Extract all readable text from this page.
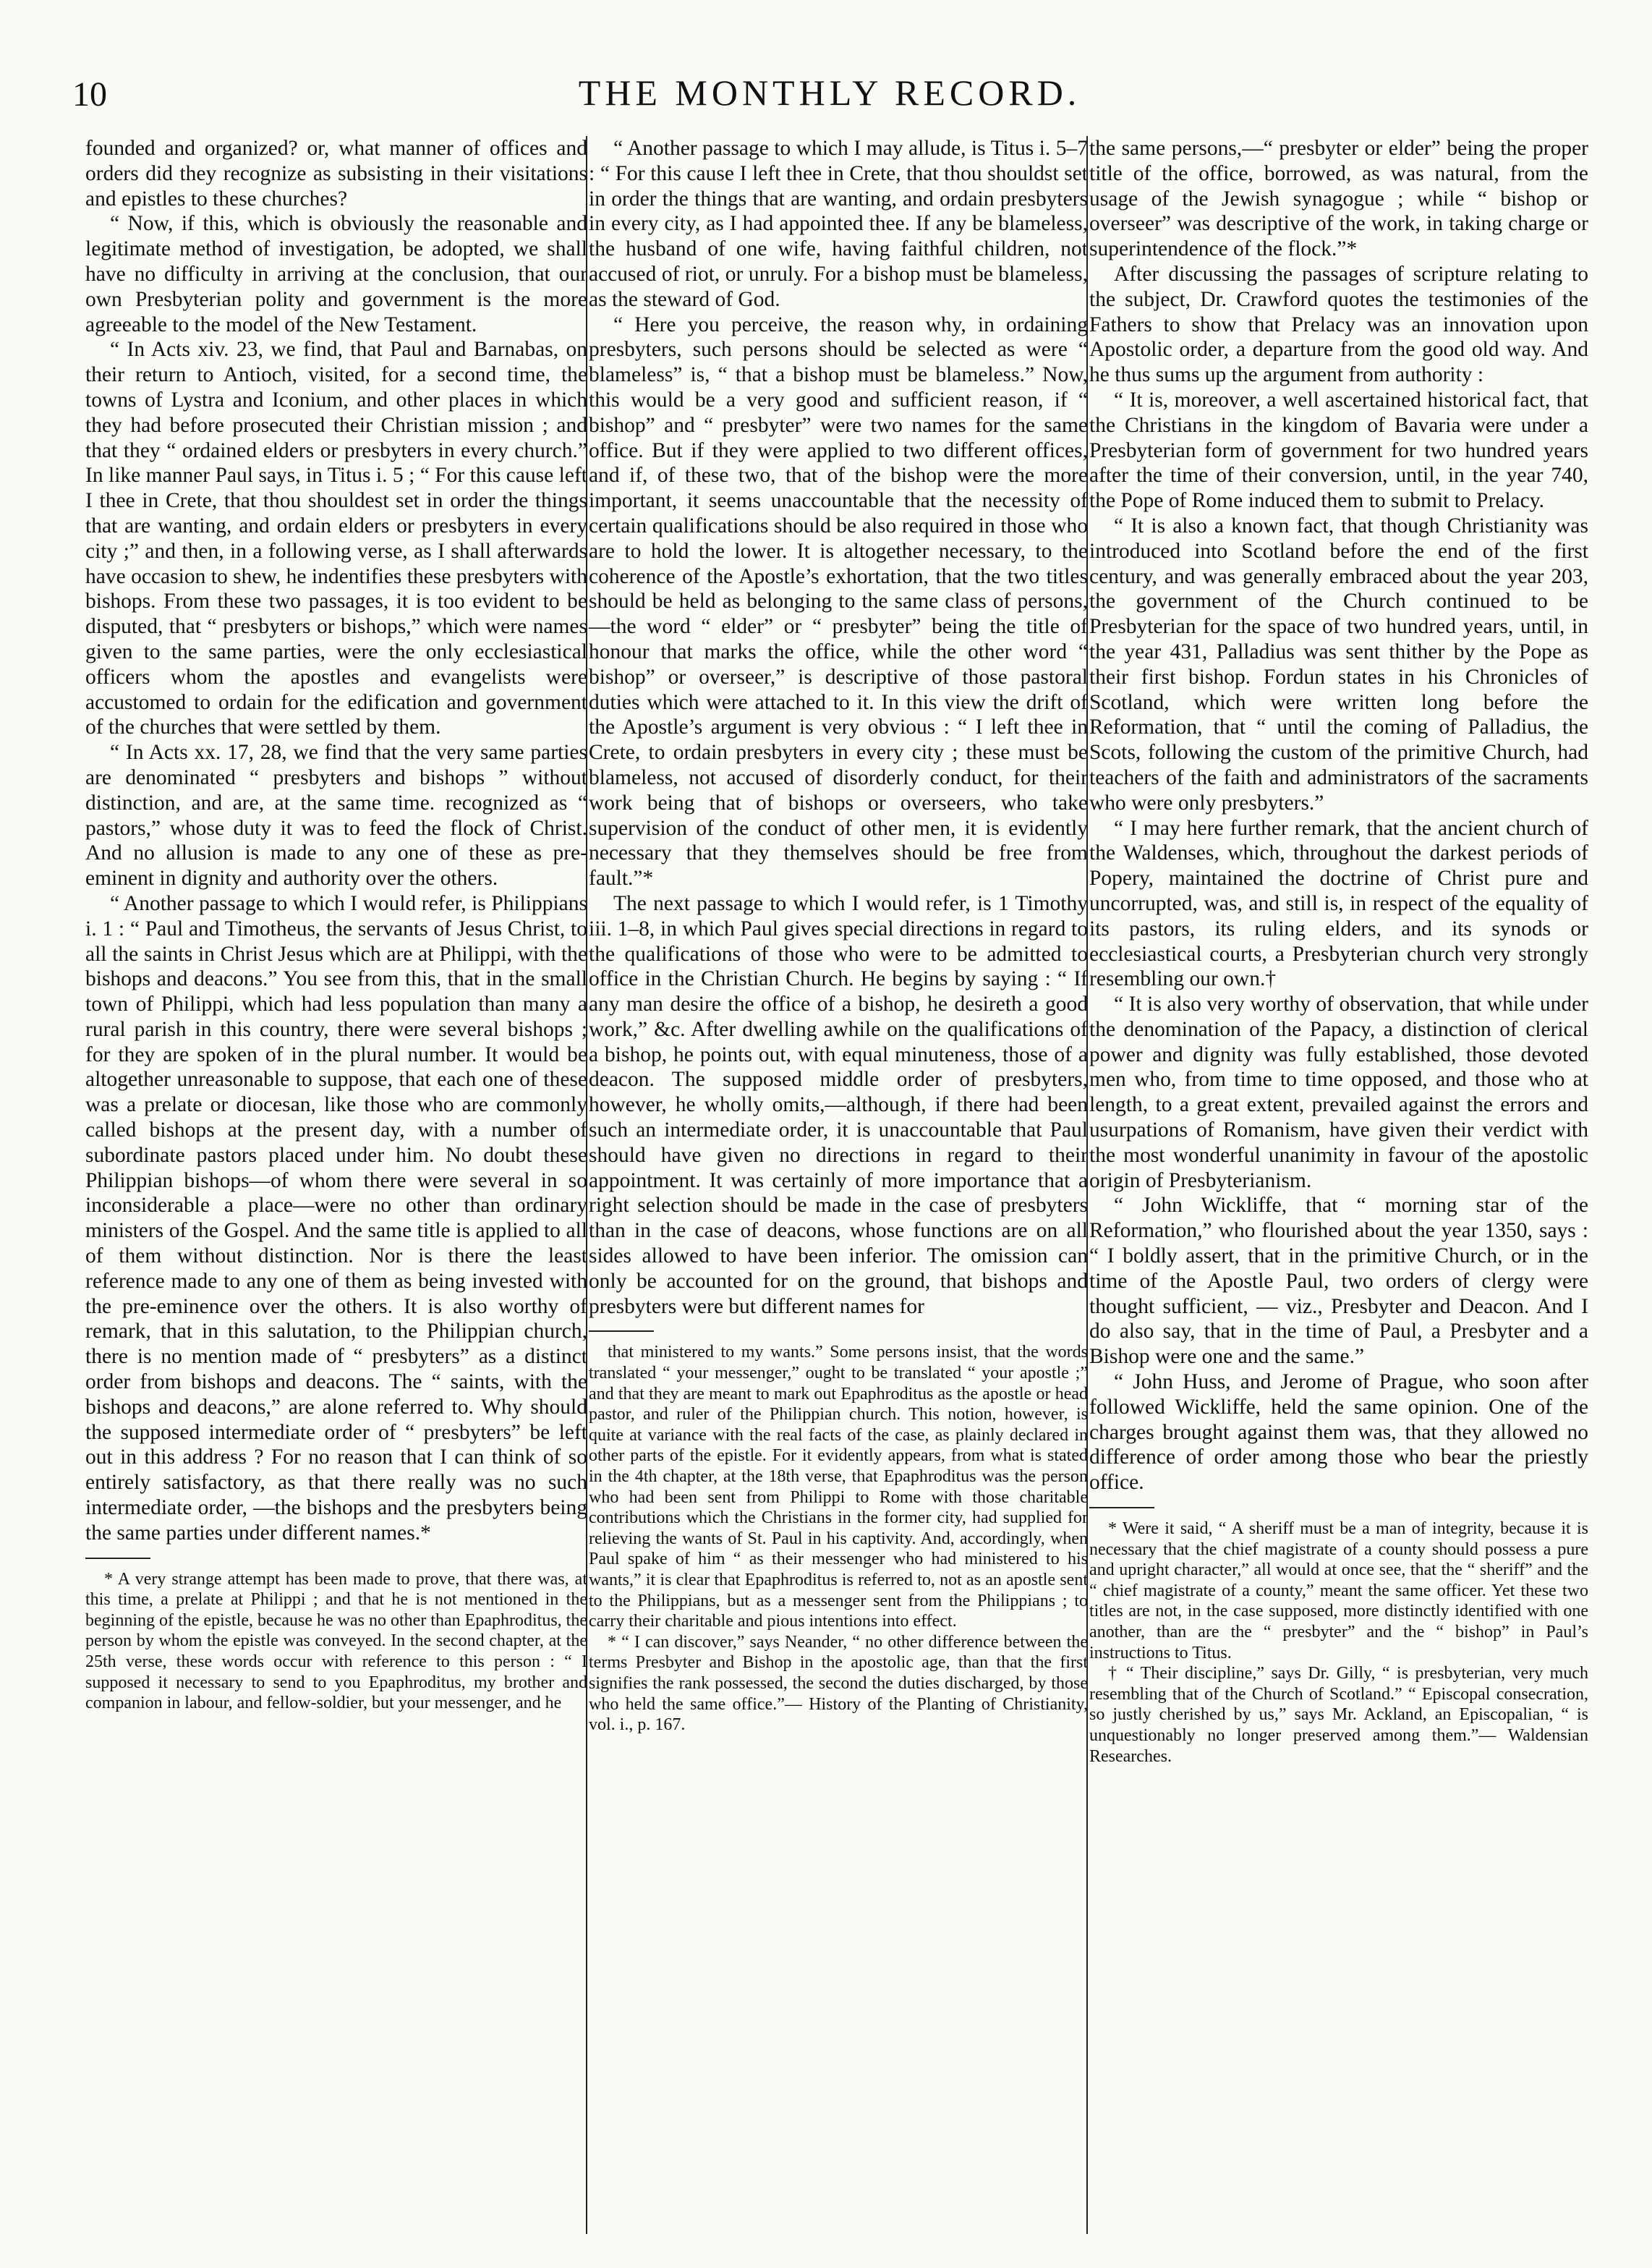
10	THE MONTHLY RECORD.

founded and organized? or, what manner of offices and orders did they recognize as subsisting in their visitations and epistles to these churches?

“ Now, if this, which is obviously the reasonable and legitimate method of investigation, be adopted, we shall have no difficulty in arriving at the conclusion, that our own Presbyterian polity and government is the more agreeable to the model of the New Testament.

“ In Acts xiv. 23, we find, that Paul and Barnabas, on their return to Antioch, visited, for a second time, the towns of Lystra and Iconium, and other places in which they had before prosecuted their Christian mission ; and that they “ ordained elders or presbyters in every church.” In like manner Paul says, in Titus i. 5 ; “ For this cause left I thee in Crete, that thou shouldest set in order the things that are wanting, and ordain elders or presbyters in every city ;” and then, in a following verse, as I shall afterwards have occasion to shew, he indentifies these presbyters with bishops. From these two passages, it is too evident to be disputed, that “ presbyters or bishops,” which were names given to the same parties, were the only ecclesiastical officers whom the apostles and evangelists were accustomed to ordain for the edification and government of the churches that were settled by them.

“ In Acts xx. 17, 28, we find that the very same parties are denominated “ presbyters and bishops ” without distinction, and are, at the same time. recognized as “ pastors,” whose duty it was to feed the flock of Christ. And no allusion is made to any one of these as pre-eminent in dignity and authority over the others.

“ Another passage to which I would refer, is Philippians i. 1 : “ Paul and Timotheus, the servants of Jesus Christ, to all the saints in Christ Jesus which are at Philippi, with the bishops and deacons.” You see from this, that in the small town of Philippi, which had less population than many a rural parish in this country, there were several bishops ; for they are spoken of in the plural number. It would be altogether unreasonable to suppose, that each one of these was a prelate or diocesan, like those who are commonly called bishops at the present day, with a number of subordinate pastors placed under him. No doubt these Philippian bishops—of whom there were several in so inconsiderable a place—were no other than ordinary ministers of the Gospel. And the same title is applied to all of them without distinction. Nor is there the least reference made to any one of them as being invested with the pre-eminence over the others. It is also worthy of remark, that in this salutation, to the Philippian church, there is no mention made of “ presbyters” as a distinct order from bishops and deacons. The “ saints, with the bishops and deacons,” are alone referred to. Why should the supposed intermediate order of “ presbyters” be left out in this address ? For no reason that I can think of so entirely satisfactory, as that there really was no such intermediate order, —the bishops and the presbyters being the same parties under different names.*

* A very strange attempt has been made to prove, that there was, at this time, a prelate at Philippi ; and that he is not mentioned in the beginning of the epistle, because he was no other than Epaphroditus, the person by whom the epistle was conveyed. In the second chapter, at the 25th verse, these words occur with reference to this person : “ I supposed it necessary to send to you Epaphroditus, my brother and companion in labour, and fellow-soldier, but your messenger, and he

“ Another passage to which I may allude, is Titus i. 5–7 : “ For this cause I left thee in Crete, that thou shouldst set in order the things that are wanting, and ordain presbyters in every city, as I had appointed thee. If any be blameless, the husband of one wife, having faithful children, not accused of riot, or unruly. For a bishop must be blameless, as the steward of God.

“ Here you perceive, the reason why, in ordaining presbyters, such persons should be selected as were “ blameless” is, “ that a bishop must be blameless.” Now, this would be a very good and sufficient reason, if “ bishop” and “ presbyter” were two names for the same office. But if they were applied to two different offices, and if, of these two, that of the bishop were the more important, it seems unaccountable that the necessity of certain qualifications should be also required in those who are to hold the lower. It is altogether necessary, to the coherence of the Apostle’s exhortation, that the two titles should be held as belonging to the same class of persons,—the word “ elder” or “ presbyter” being the title of honour that marks the office, while the other word “ bishop” or overseer,” is descriptive of those pastoral duties which were attached to it. In this view the drift of the Apostle’s argument is very obvious : “ I left thee in Crete, to ordain presbyters in every city ; these must be blameless, not accused of disorderly conduct, for their work being that of bishops or overseers, who take supervision of the conduct of other men, it is evidently necessary that they themselves should be free from fault.”*

The next passage to which I would refer, is 1 Timothy iii. 1–8, in which Paul gives special directions in regard to the qualifications of those who were to be admitted to office in the Christian Church. He begins by saying : “ If any man desire the office of a bishop, he desireth a good work,” &c. After dwelling awhile on the qualifications of a bishop, he points out, with equal minuteness, those of a deacon. The supposed middle order of presbyters, however, he wholly omits,—although, if there had been such an intermediate order, it is unaccountable that Paul should have given no directions in regard to their appointment. It was certainly of more importance that a right selection should be made in the case of presbyters than in the case of deacons, whose functions are on all sides allowed to have been inferior. The omission can only be accounted for on the ground, that bishops and presbyters were but different names for

that ministered to my wants.” Some persons insist, that the words translated “ your messenger,” ought to be translated “ your apostle ;” and that they are meant to mark out Epaphroditus as the apostle or head pastor, and ruler of the Philippian church. This notion, however, is quite at variance with the real facts of the case, as plainly declared in other parts of the epistle. For it evidently appears, from what is stated in the 4th chapter, at the 18th verse, that Epaphroditus was the person who had been sent from Philippi to Rome with those charitable contributions which the Christians in the former city, had supplied for relieving the wants of St. Paul in his captivity. And, accordingly, when Paul spake of him “ as their messenger who had ministered to his wants,” it is clear that Epaphroditus is referred to, not as an apostle sent to the Philippians, but as a messenger sent from the Philippians ; to carry their charitable and pious intentions into effect.

* “ I can discover,” says Neander, “ no other difference between the terms Presbyter and Bishop in the apostolic age, than that the first signifies the rank possessed, the second the duties discharged, by those who held the same office.”— History of the Planting of Christianity, vol. i., p. 167.

the same persons,—“ presbyter or elder” being the proper title of the office, borrowed, as was natural, from the usage of the Jewish synagogue ; while “ bishop or overseer” was descriptive of the work, in taking charge or superintendence of the flock.”*

After discussing the passages of scripture relating to the subject, Dr. Crawford quotes the testimonies of the Fathers to show that Prelacy was an innovation upon Apostolic order, a departure from the good old way. And he thus sums up the argument from authority :

“ It is, moreover, a well ascertained historical fact, that the Christians in the kingdom of Bavaria were under a Presbyterian form of government for two hundred years after the time of their conversion, until, in the year 740, the Pope of Rome induced them to submit to Prelacy.

“ It is also a known fact, that though Christianity was introduced into Scotland before the end of the first century, and was generally embraced about the year 203, the government of the Church continued to be Presbyterian for the space of two hundred years, until, in the year 431, Palladius was sent thither by the Pope as their first bishop. Fordun states in his Chronicles of Scotland, which were written long before the Reformation, that “ until the coming of Palladius, the Scots, following the custom of the primitive Church, had teachers of the faith and administrators of the sacraments who were only presbyters.”

“ I may here further remark, that the ancient church of the Waldenses, which, throughout the darkest periods of Popery, maintained the doctrine of Christ pure and uncorrupted, was, and still is, in respect of the equality of its pastors, its ruling elders, and its synods or ecclesiastical courts, a Presbyterian church very strongly resembling our own.†

“ It is also very worthy of observation, that while under the denomination of the Papacy, a distinction of clerical power and dignity was fully established, those devoted men who, from time to time opposed, and those who at length, to a great extent, prevailed against the errors and usurpations of Romanism, have given their verdict with the most wonderful unanimity in favour of the apostolic origin of Presbyterianism.

“ John Wickliffe, that “ morning star of the Reformation,” who flourished about the year 1350, says : “ I boldly assert, that in the primitive Church, or in the time of the Apostle Paul, two orders of clergy were thought sufficient, — viz., Presbyter and Deacon. And I do also say, that in the time of Paul, a Presbyter and a Bishop were one and the same.”

“ John Huss, and Jerome of Prague, who soon after followed Wickliffe, held the same opinion. One of the charges brought against them was, that they allowed no difference of order among those who bear the priestly office.

* Were it said, “ A sheriff must be a man of integrity, because it is necessary that the chief magistrate of a county should possess a pure and upright character,” all would at once see, that the “ sheriff” and the “ chief magistrate of a county,” meant the same officer. Yet these two titles are not, in the case supposed, more distinctly identified with one another, than are the “ presbyter” and the “ bishop” in Paul’s instructions to Titus.

† “ Their discipline,” says Dr. Gilly, “ is presbyterian, very much resembling that of the Church of Scotland.” “ Episcopal consecration, so justly cherished by us,” says Mr. Ackland, an Episcopalian, “ is unquestionably no longer preserved among them.”— Waldensian Researches.
